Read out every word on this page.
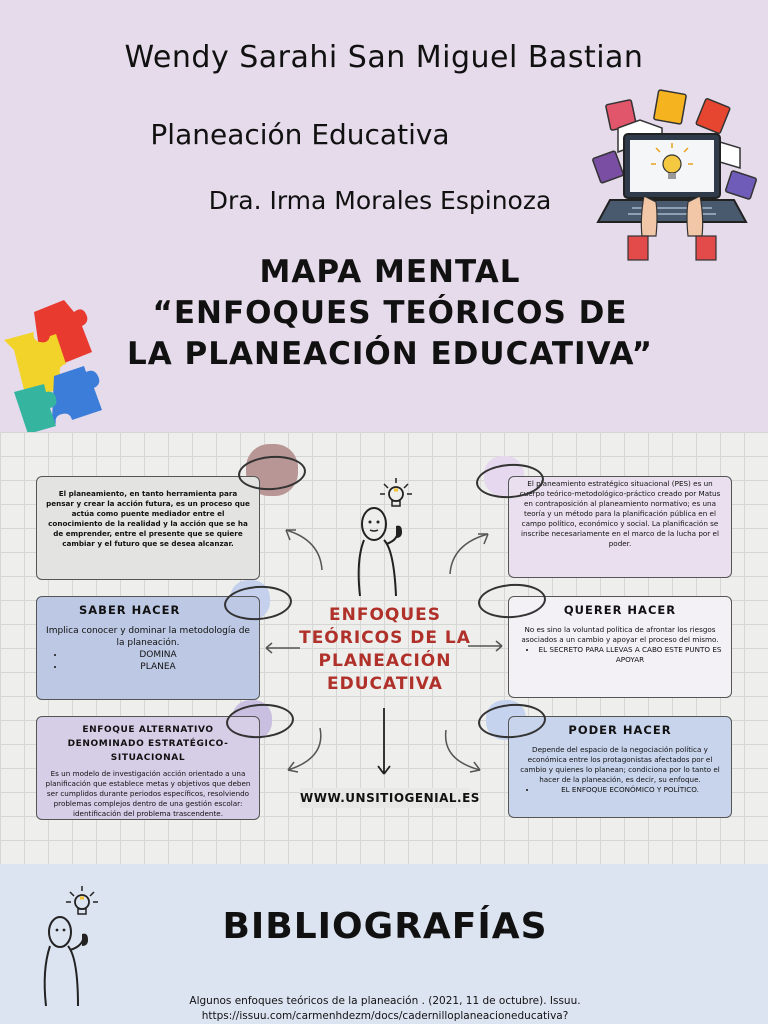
Wendy Sarahi San Miguel Bastian
Planeación Educativa
Dra. Irma Morales Espinoza
MAPA MENTAL
“ENFOQUES TEÓRICOS DE
LA PLANEACIÓN EDUCATIVA”
El planeamiento, en tanto herramienta para pensar y crear la acción futura, es un proceso que actúa como puente mediador entre el conocimiento de la realidad y la acción que se ha de emprender, entre el presente que se quiere cambiar y el futuro que se desea alcanzar.
El planeamiento estratégico situacional (PES) es un cuerpo teórico-metodológico-práctico creado por Matus en contraposición al planeamiento normativo; es una teoría y un método para la planificación pública en el campo político, económico y social. La planificación se inscribe necesariamente en el marco de la lucha por el poder.
SABER HACER
Implica conocer y dominar la metodología de la planeación.
• DOMINA
• PLANEA
QUERER HACER
No es sino la voluntad política de afrontar los riesgos asociados a un cambio y apoyar el proceso del mismo.
• EL SECRETO PARA LLEVAS A CABO ESTE PUNTO ES APOYAR
ENFOQUE ALTERNATIVO DENOMINADO ESTRATÉGICO-SITUACIONAL
Es un modelo de investigación acción orientado a una planificación que establece metas y objetivos que deben ser cumplidos durante periodos específicos, resolviendo problemas complejos dentro de una gestión escolar: identificación del problema trascendente.
PODER HACER
Depende del espacio de la negociación política y económica entre los protagonistas afectados por el cambio y quienes lo planean; condiciona por lo tanto el hacer de la planeación, es decir, su enfoque.
• EL ENFOQUE ECONÓMICO Y POLÍTICO.
ENFOQUES
TEÓRICOS DE LA
PLANEACIÓN
EDUCATIVA
WWW.UNSITIOGENIAL.ES
BIBLIOGRAFÍAS
Algunos enfoques teóricos de la planeación . (2021, 11 de octubre). Issuu.
https://issuu.com/carmenhdezm/docs/cadernilloplaneacioneducativa?
